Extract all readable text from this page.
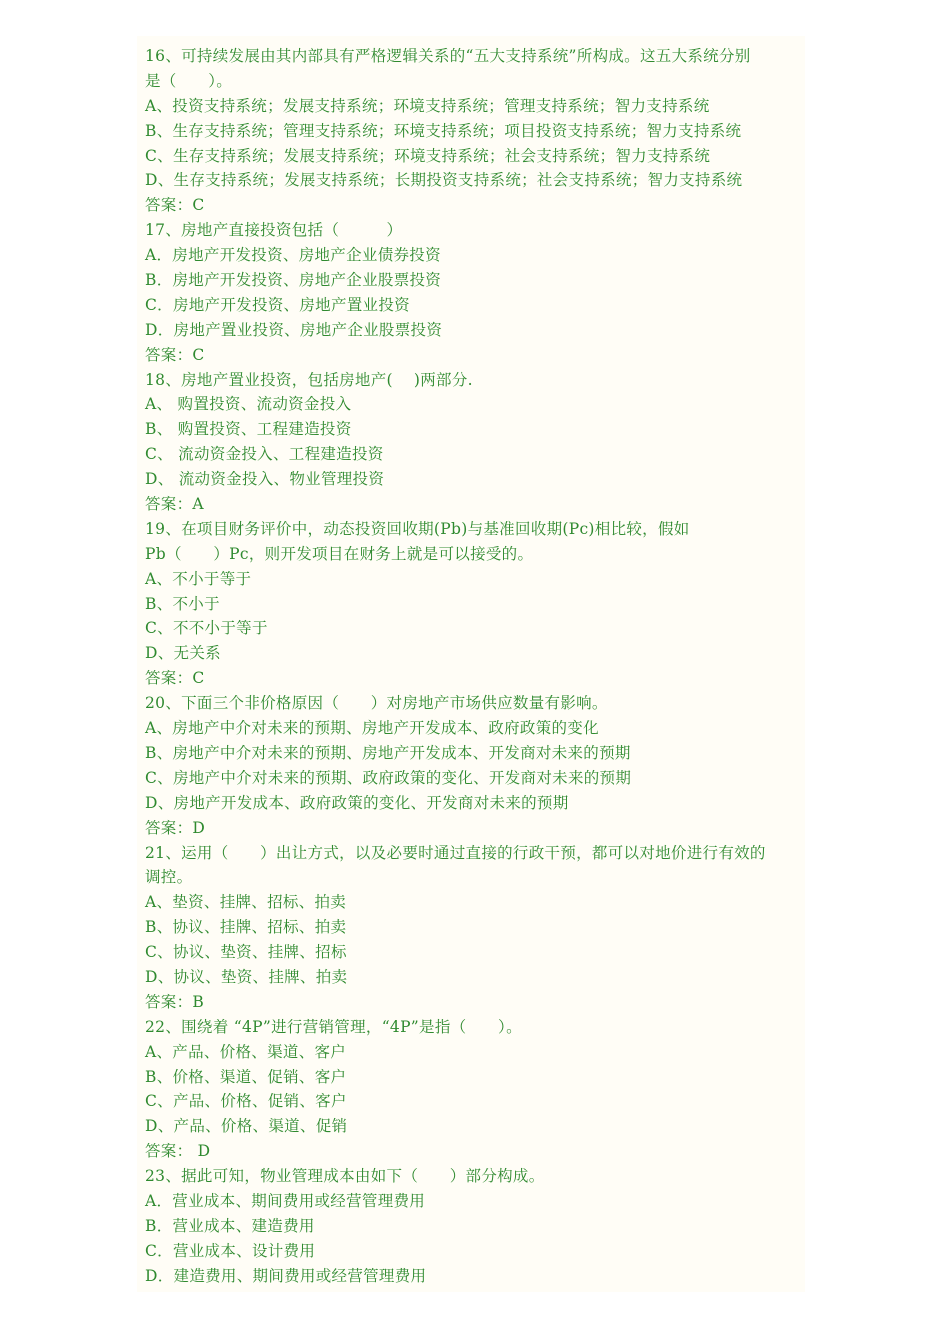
16、可持续发展由其内部具有严格逻辑关系的“五大支持系统”所构成。这五大系统分别
是（　　）。
A、投资支持系统；发展支持系统；环境支持系统；管理支持系统；智力支持系统
B、生存支持系统；管理支持系统；环境支持系统；项目投资支持系统；智力支持系统
C、生存支持系统；发展支持系统；环境支持系统；社会支持系统；智力支持系统
D、生存支持系统；发展支持系统；长期投资支持系统；社会支持系统；智力支持系统
答案：C
17、房地产直接投资包括（　　　）
A．房地产开发投资、房地产企业债券投资
B．房地产开发投资、房地产企业股票投资
C．房地产开发投资、房地产置业投资
D．房地产置业投资、房地产企业股票投资
答案：C
18、房地产置业投资，包括房地产(　 )两部分.
A、 购置投资、流动资金投入
B、 购置投资、工程建造投资
C、 流动资金投入、工程建造投资
D、 流动资金投入、物业管理投资
答案：A
19、在项目财务评价中，动态投资回收期(Pb)与基准回收期(Pc)相比较，假如
Pb（　　）Pc，则开发项目在财务上就是可以接受的。
A、不小于等于
B、不小于
C、不不小于等于
D、无关系
答案：C
20、下面三个非价格原因（　　）对房地产市场供应数量有影响。
A、房地产中介对未来的预期、房地产开发成本、政府政策的变化
B、房地产中介对未来的预期、房地产开发成本、开发商对未来的预期
C、房地产中介对未来的预期、政府政策的变化、开发商对未来的预期
D、房地产开发成本、政府政策的变化、开发商对未来的预期
答案：D
21、运用（　　）出让方式，以及必要时通过直接的行政干预，都可以对地价进行有效的
调控。
A、垫资、挂牌、招标、拍卖
B、协议、挂牌、招标、拍卖
C、协议、垫资、挂牌、招标
D、协议、垫资、挂牌、拍卖
答案：B
22、围绕着 “4P”进行营销管理，“4P”是指（　　）。
A、产品、价格、渠道、客户
B、价格、渠道、促销、客户
C、产品、价格、促销、客户
D、产品、价格、渠道、促销
答案： D
23、据此可知，物业管理成本由如下（　　）部分构成。
A．营业成本、期间费用或经营管理费用
B．营业成本、建造费用
C．营业成本、设计费用
D．建造费用、期间费用或经营管理费用
